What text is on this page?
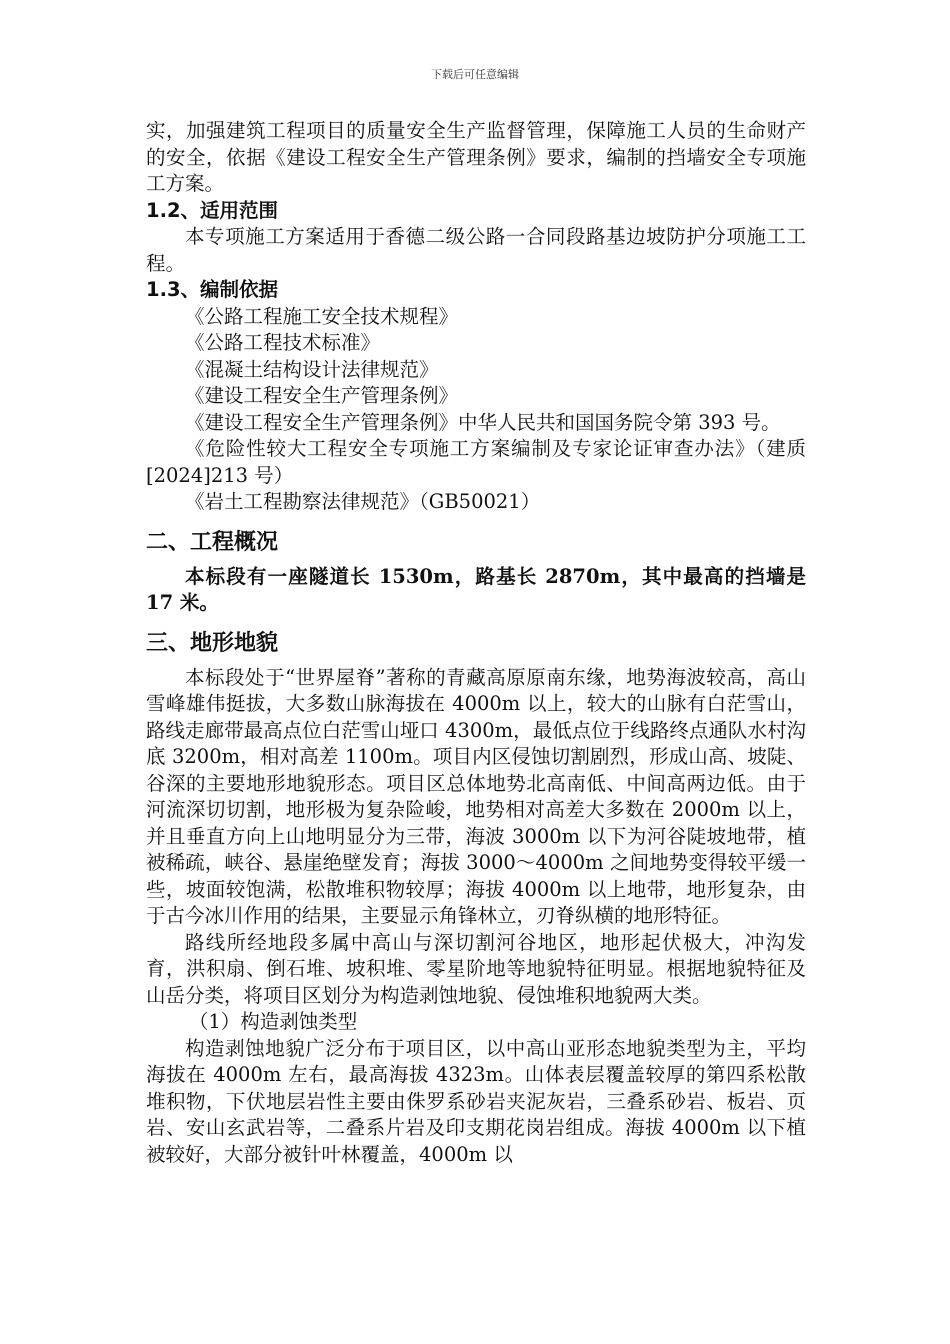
下载后可任意编辑

实，加强建筑工程项目的质量安全生产监督管理，保障施工人员的生命财产的安全，依据《建设工程安全生产管理条例》要求，编制的挡墙安全专项施工方案。

1.2、适用范围

本专项施工方案适用于香德二级公路一合同段路基边坡防护分项施工工程。

1.3、编制依据

《公路工程施工安全技术规程》

《公路工程技术标准》

《混凝土结构设计法律规范》

《建设工程安全生产管理条例》

《建设工程安全生产管理条例》中华人民共和国国务院令第 393 号。

《危险性较大工程安全专项施工方案编制及专家论证审查办法》（建质[2024]213 号）

《岩土工程勘察法律规范》（GB50021）

二、工程概况

本标段有一座隧道长 1530m，路基长 2870m，其中最高的挡墙是 17 米。

三、地形地貌

本标段处于“世界屋脊”著称的青藏高原原南东缘，地势海波较高，高山雪峰雄伟挺拔，大多数山脉海拔在 4000m 以上，较大的山脉有白茫雪山，路线走廊带最高点位白茫雪山垭口 4300m，最低点位于线路终点通队水村沟底 3200m，相对高差 1100m。项目内区侵蚀切割剧烈，形成山高、坡陡、谷深的主要地形地貌形态。项目区总体地势北高南低、中间高两边低。由于河流深切切割，地形极为复杂险峻，地势相对高差大多数在 2000m 以上，并且垂直方向上山地明显分为三带，海波 3000m 以下为河谷陡坡地带，植被稀疏，峡谷、悬崖绝壁发育；海拔 3000～4000m 之间地势变得较平缓一些，坡面较饱满，松散堆积物较厚；海拔 4000m 以上地带，地形复杂，由于古今冰川作用的结果，主要显示角锋林立，刃脊纵横的地形特征。

路线所经地段多属中高山与深切割河谷地区，地形起伏极大，冲沟发育，洪积扇、倒石堆、坡积堆、零星阶地等地貌特征明显。根据地貌特征及山岳分类，将项目区划分为构造剥蚀地貌、侵蚀堆积地貌两大类。

（1）构造剥蚀类型

构造剥蚀地貌广泛分布于项目区，以中高山亚形态地貌类型为主，平均海拔在 4000m 左右，最高海拔 4323m。山体表层覆盖较厚的第四系松散堆积物，下伏地层岩性主要由侏罗系砂岩夹泥灰岩，三叠系砂岩、板岩、页岩、安山玄武岩等，二叠系片岩及印支期花岗岩组成。海拔 4000m 以下植被较好，大部分被针叶林覆盖，4000m 以
